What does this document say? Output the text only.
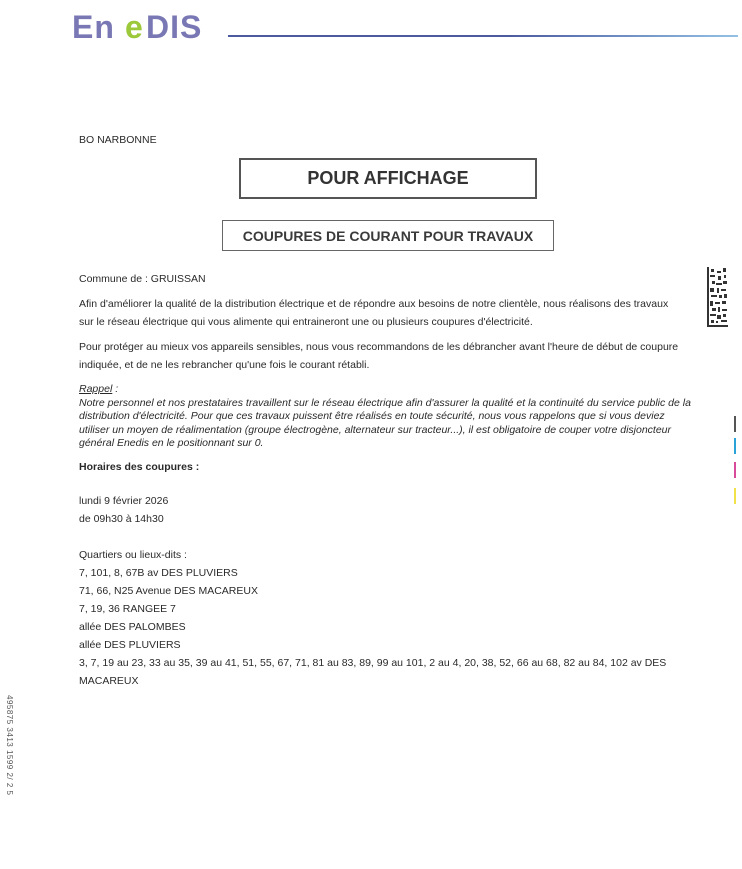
En e DIS
BO NARBONNE
POUR AFFICHAGE
COUPURES DE COURANT POUR TRAVAUX
Commune de : GRUISSAN
Afin d'améliorer la qualité de la distribution électrique et de répondre aux besoins de notre clientèle, nous réalisons des travaux sur le réseau électrique qui vous alimente qui entraineront une ou plusieurs coupures d'électricité.
Pour protéger au mieux vos appareils sensibles, nous vous recommandons de les débrancher avant l'heure de début de coupure indiquée, et de ne les rebrancher qu'une fois le courant rétabli.
Rappel :
Notre personnel et nos prestataires travaillent sur le réseau électrique afin d'assurer la qualité et la continuité du service public de la distribution d'électricité. Pour que ces travaux puissent être réalisés en toute sécurité, nous vous rappelons que si vous deviez utiliser un moyen de réalimentation (groupe électrogène, alternateur sur tracteur...), il est obligatoire de couper votre disjoncteur général Enedis en le positionnant sur 0.
Horaires des coupures :
lundi 9 février 2026
de 09h30 à 14h30
Quartiers ou lieux-dits :
7, 101, 8, 67B av DES PLUVIERS
71, 66, N25 Avenue DES MACAREUX
7, 19, 36 RANGEE 7
allée DES PALOMBES
allée DES PLUVIERS
3, 7, 19 au 23, 33 au 35, 39 au 41, 51, 55, 67, 71, 81 au 83, 89, 99 au 101, 2 au 4, 20, 38, 52, 66 au 68, 82 au 84, 102 av DES MACAREUX
495875 3413 1599 2/ 2 5
